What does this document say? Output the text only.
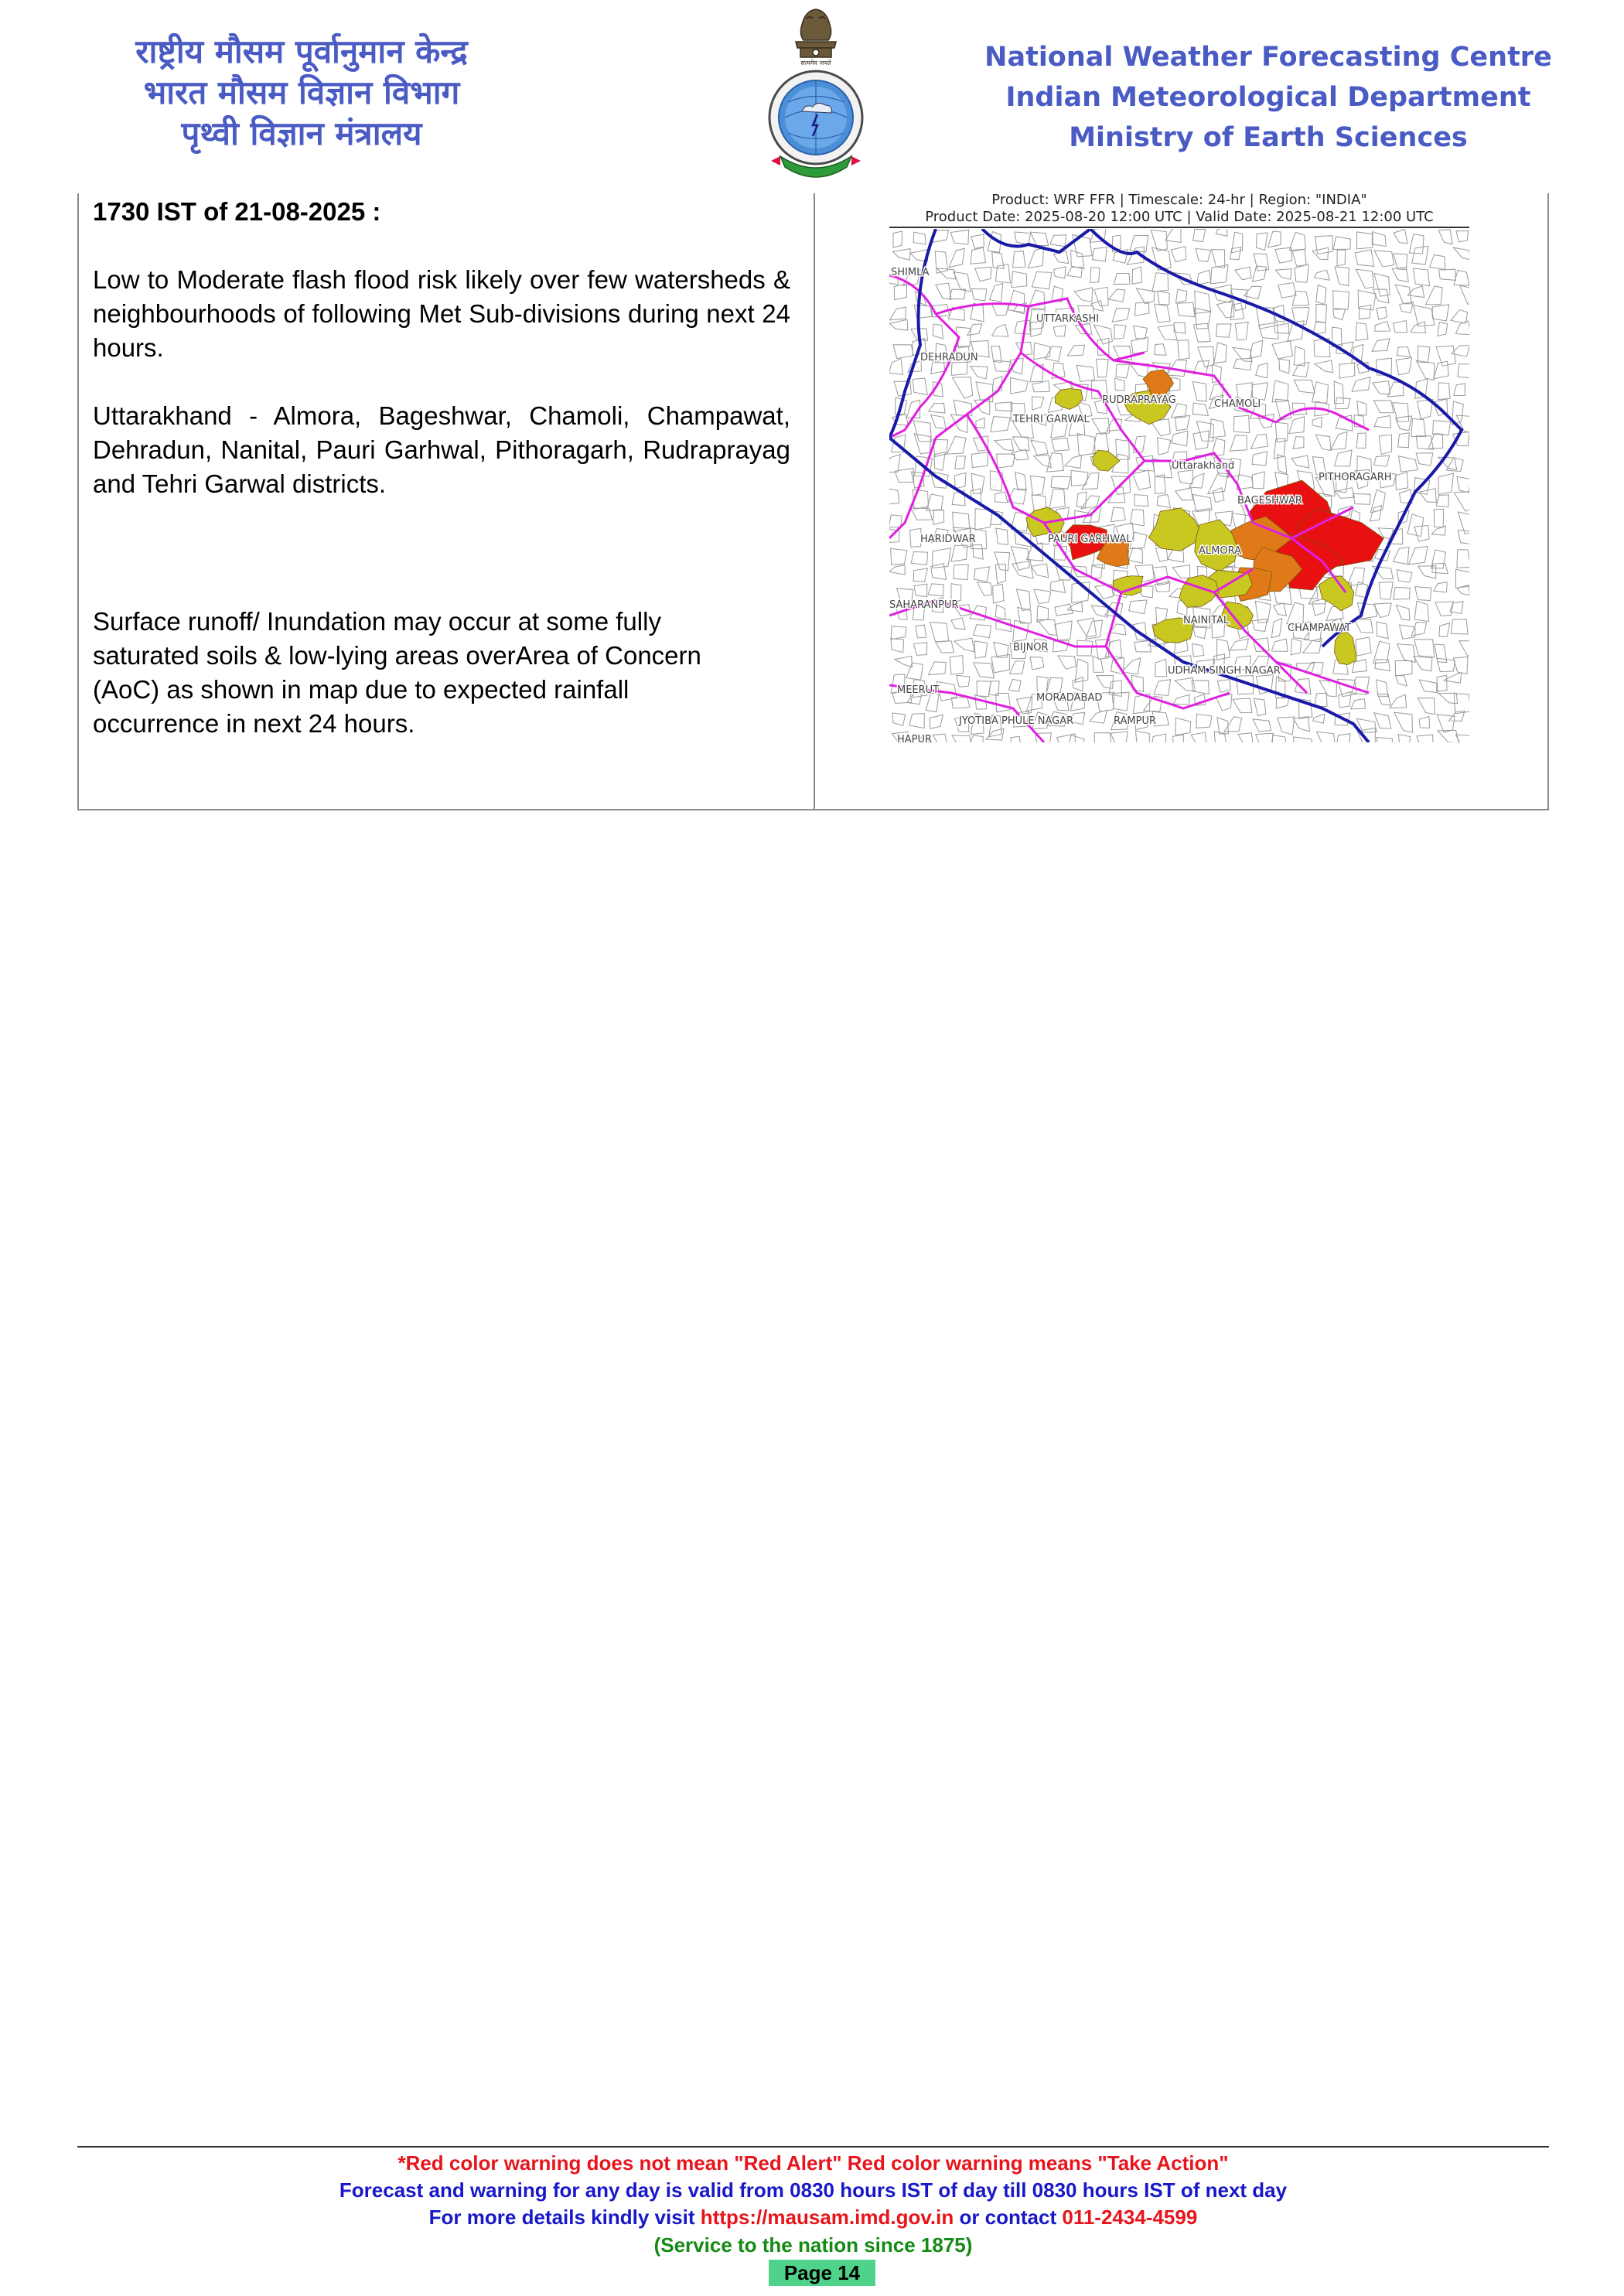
राष्ट्रीय मौसम पूर्वानुमान केन्द्र
भारत मौसम विज्ञान विभाग
पृथ्वी विज्ञान मंत्रालय
सत्यमेव जयते	National Weather Forecasting Centre
Indian Meteorological Department
Ministry of Earth Sciences
1730 IST of 21-08-2025 :
Low to Moderate flash flood risk likely over few watersheds & neighbourhoods of following Met Sub-divisions during next 24 hours.
Uttarakhand - Almora, Bageshwar, Chamoli, Champawat, Dehradun, Nanital, Pauri Garhwal, Pithoragarh, Rudraprayag and Tehri Garwal districts.
Surface runoff/ Inundation may occur at some fully
saturated soils & low-lying areas overArea of Concern
(AoC) as shown in map due to expected rainfall
occurrence in next 24 hours.
Product: WRF FFR | Timescale: 24-hr | Region: "INDIA"
Product Date: 2025-08-20 12:00 UTC | Valid Date: 2025-08-21 12:00 UTC
SHIMLA
UTTARKASHI
DEHRADUN
TEHRI GARWAL
RUDRAPRAYAG	CHAMOLI
Uttarakhand
PITHORAGARH
BAGESHWAR
HARIDWAR	PAURI GARHWAL
ALMORA
NAINITAL
CHAMPAWAT
BIJNOR
SAHARANPUR
UDHAM SINGH NAGAR
MORADABAD
MEERUT
JYOTIBA PHULE NAGAR	RAMPUR
HAPUR
*Red color warning does not mean "Red Alert" Red color warning means "Take Action"
Forecast and warning for any day is valid from 0830 hours IST of day till 0830 hours IST of next day
For more details kindly visit https://mausam.imd.gov.in or contact 011-2434-4599
(Service to the nation since 1875)
Page 14
